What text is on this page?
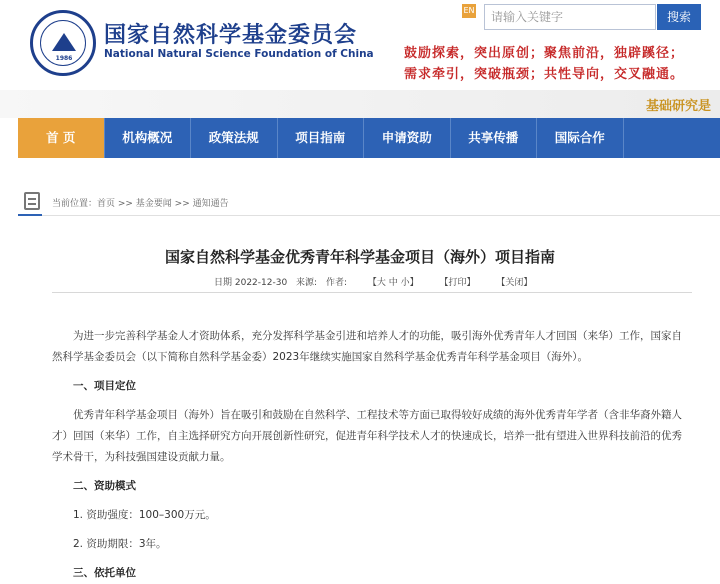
1986
国家自然科学基金委员会
National Natural Science Foundation of China
EN	请输入关键字	搜索
鼓励探索，突出原创；聚焦前沿，独辟蹊径；
需求牵引，突破瓶颈；共性导向，交叉融通。
基础研究是
首 页	机构概况	政策法规	项目指南	申请资助	共享传播	国际合作
当前位置：首页 >> 基金要闻 >> 通知通告
国家自然科学基金优秀青年科学基金项目（海外）项目指南
日期 2022-12-30 来源: 作者: 【大 中 小】 【打印】 【关闭】

为进一步完善科学基金人才资助体系，充分发挥科学基金引进和培养人才的功能，吸引海外优秀青年人才回国（来华）工作，国家自然科学基金委员会（以下简称自然科学基金委）2023年继续实施国家自然科学基金优秀青年科学基金项目（海外）。

一、项目定位

优秀青年科学基金项目（海外）旨在吸引和鼓励在自然科学、工程技术等方面已取得较好成绩的海外优秀青年学者（含非华裔外籍人才）回国（来华）工作，自主选择研究方向开展创新性研究，促进青年科学技术人才的快速成长，培养一批有望进入世界科技前沿的优秀学术骨干，为科技强国建设贡献力量。

二、资助模式

1. 资助强度：100–300万元。

2. 资助期限：3年。

三、依托单位
